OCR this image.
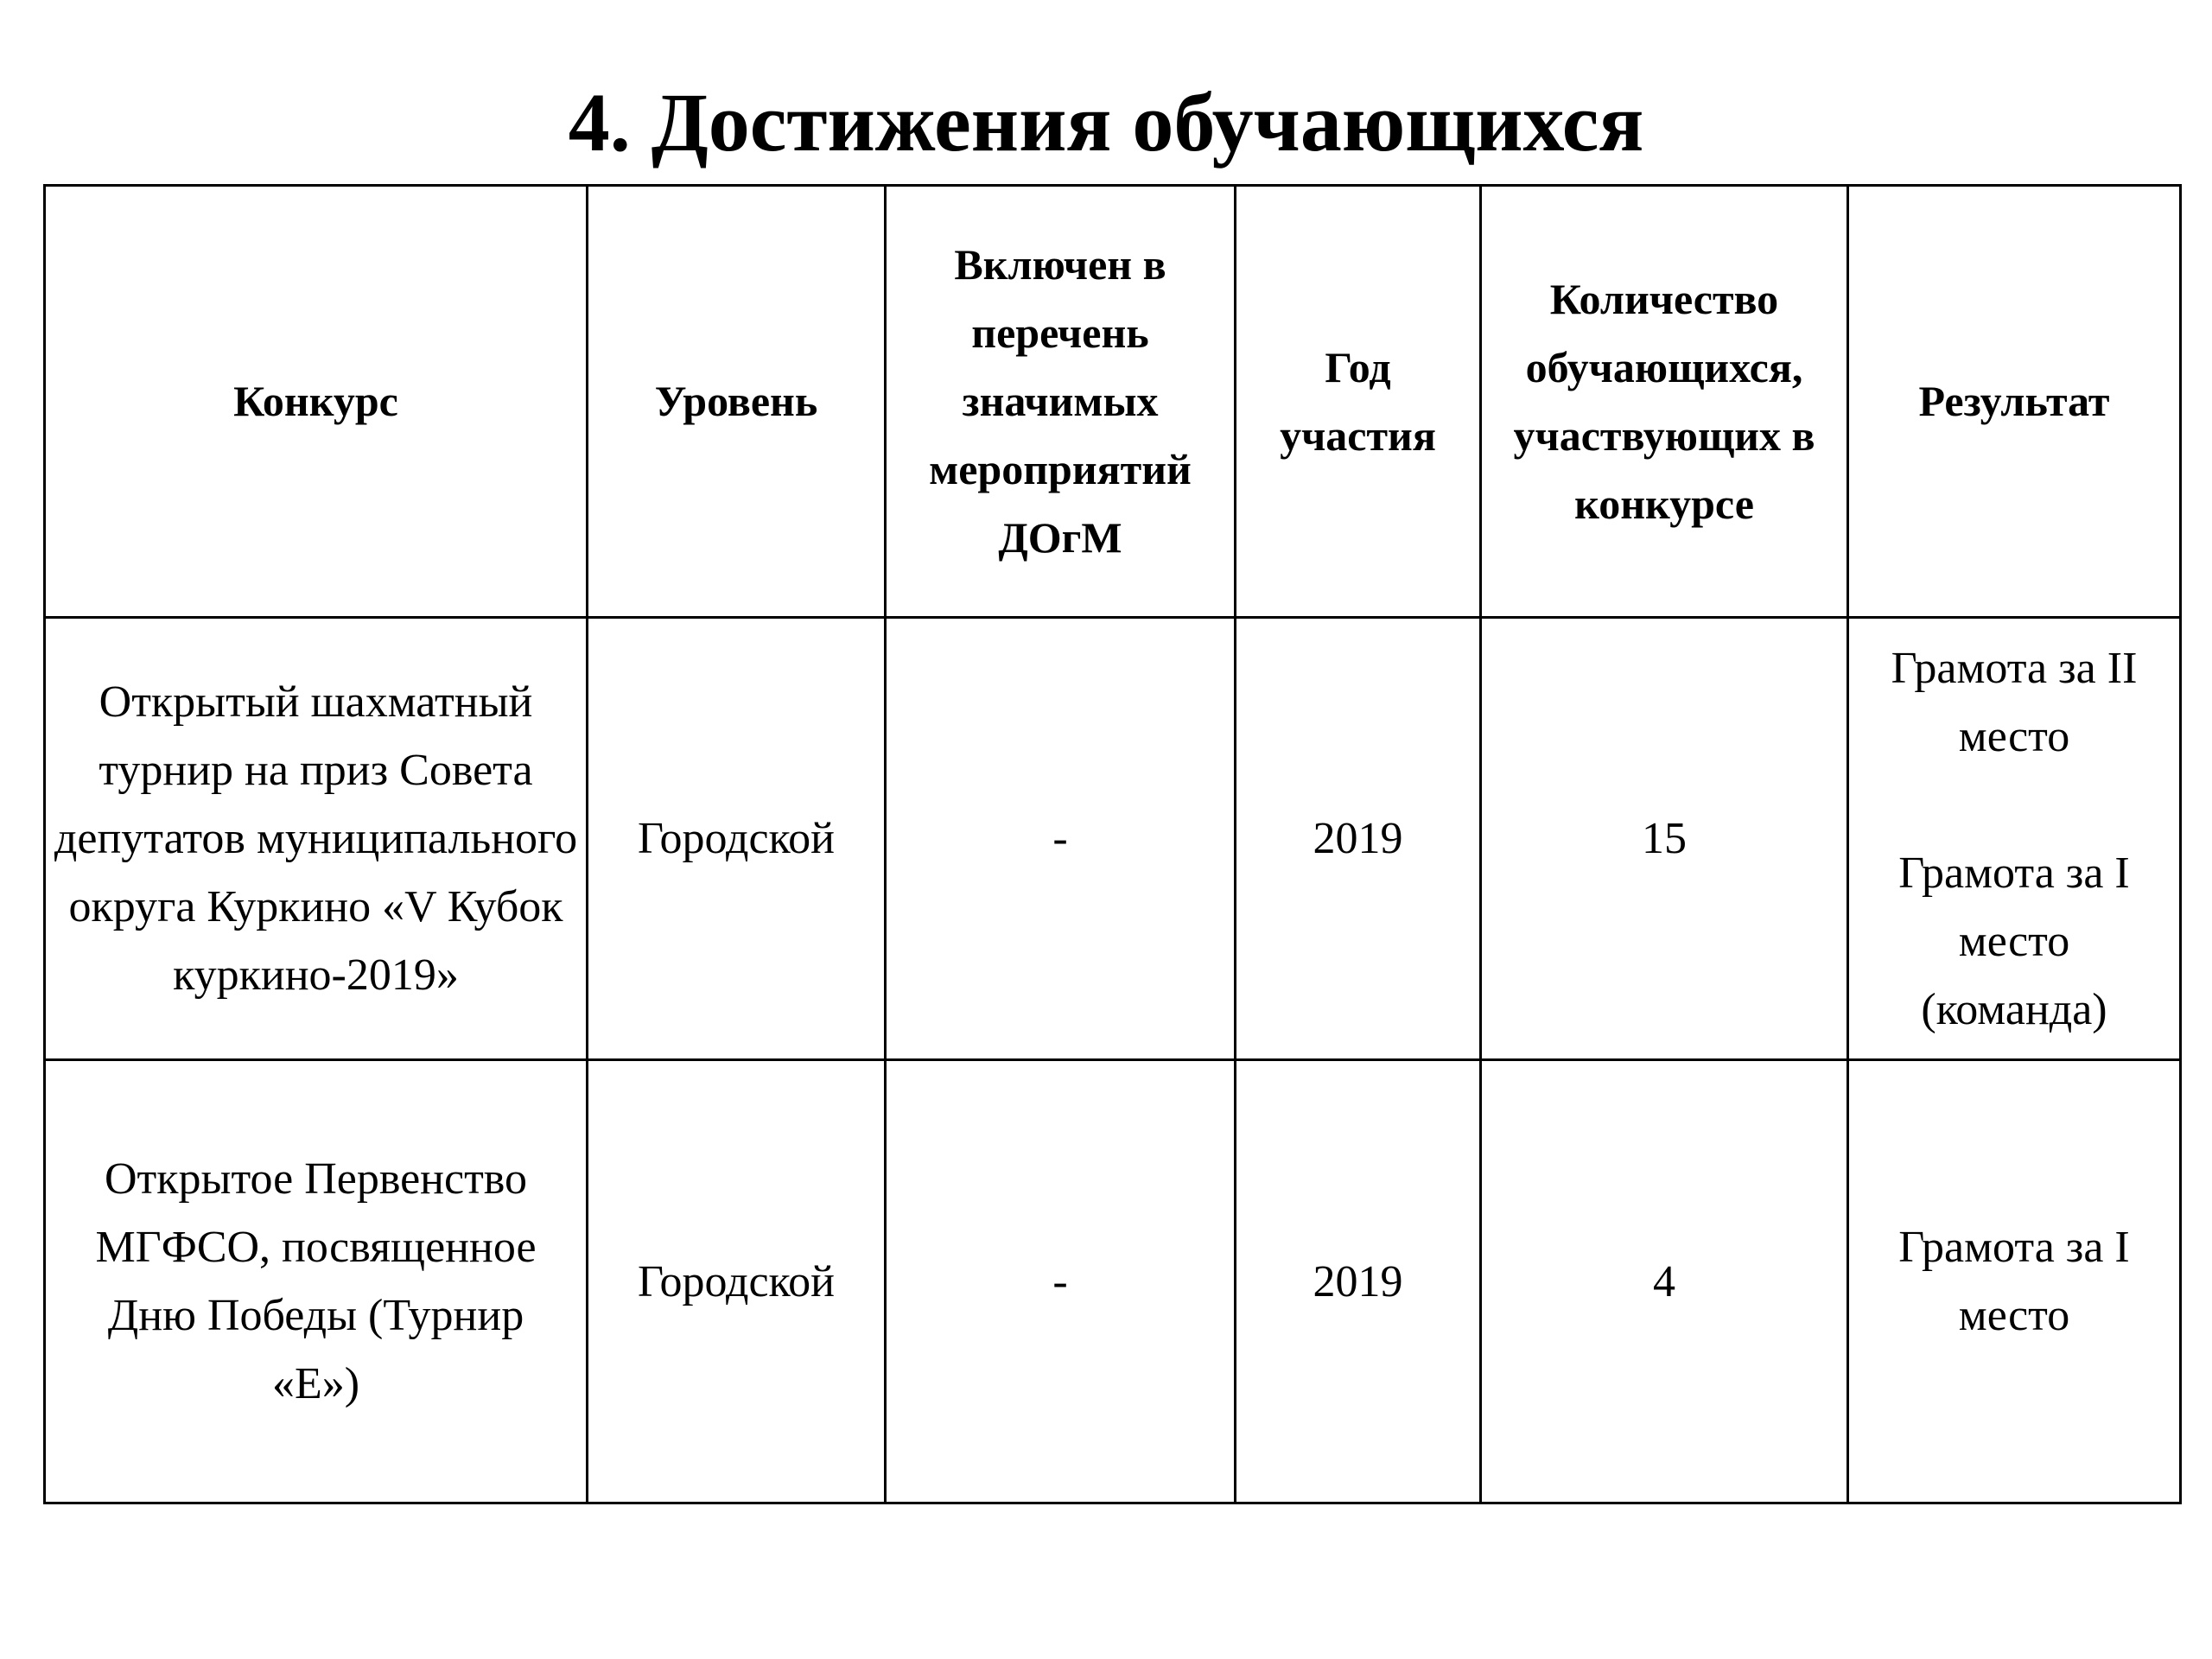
4. Достижения обучающихся
Конкурс	Уровень	Включен в перечень значимых мероприятий ДОгМ	Год участия	Количество обучающихся, участвующих в конкурсе	Результат
Открытый шахматный турнир на приз Совета депутатов муниципального округа Куркино «V Кубок куркино-2019»	Городской	-	2019	15	Грамота за II место
Грамота за I место (команда)

Открытое Первенство МГФСО, посвященное Дню Победы (Турнир «Е»)	Городской	-	2019	4	Грамота за I место
